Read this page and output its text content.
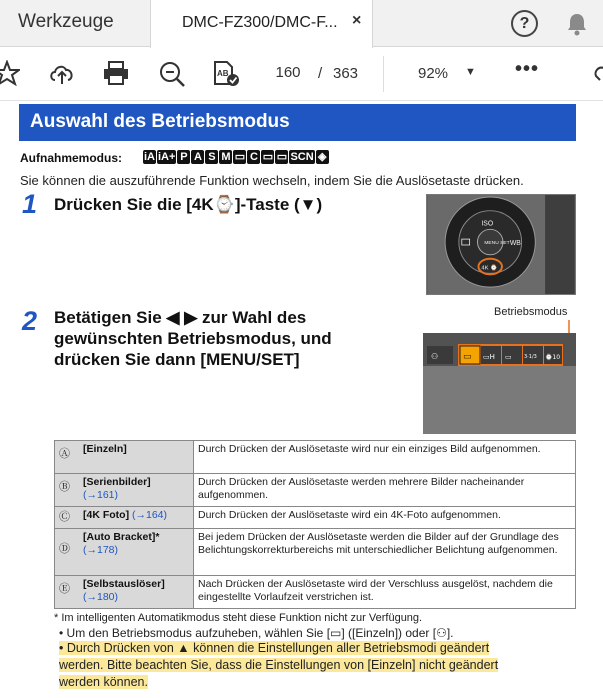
Werkzeuge	DMC-FZ300/DMC-F... ×	?
AB	160	/ 363	92% ▼ •••
Auswahl des Betriebsmodus
Aufnahmemodus: iA iA+ P A S M ▭ C ▭ ▭ SCN ◈
Sie können die auszuführende Funktion wechseln, indem Sie die Auslösetaste drücken.
1 Drücken Sie die [4K⌚]-Taste (▼)
ISO
MENU SET WB
4K ⌚
2 Betätigen Sie ◀ ▶ zur Wahl des
gewünschten Betriebsmodus, und
drücken Sie dann [MENU/SET]
Betriebsmodus
⚇	▭ ▭H ▭ 3·1/3 ⌚10
Ⓐ [Einzeln]	Durch Drücken der Auslösetaste wird nur ein einziges Bild aufgenommen.

Ⓑ [Serienbilder]
(→161)	Durch Drücken der Auslösetaste werden mehrere Bilder nacheinander aufgenommen.

Ⓒ [4K Foto] (→164)	Durch Drücken der Auslösetaste wird ein 4K-Foto aufgenommen.

Ⓓ
[Auto Bracket]*
(→178)	Bei jedem Drücken der Auslösetaste werden die Bilder auf der Grundlage des Belichtungskorrekturbereichs mit unterschiedlicher Belichtung aufgenommen.

Ⓔ [Selbstauslöser]
(→180)	Nach Drücken der Auslösetaste wird der Verschluss ausgelöst, nachdem die eingestellte Vorlaufzeit verstrichen ist.
* Im intelligenten Automatikmodus steht diese Funktion nicht zur Verfügung.
• Um den Betriebsmodus aufzuheben, wählen Sie [▭] ([Einzeln]) oder [⚇].
• Durch Drücken von ▲ können die Einstellungen aller Betriebsmodi geändert
werden. Bitte beachten Sie, dass die Einstellungen von [Einzeln] nicht geändert
werden können.
